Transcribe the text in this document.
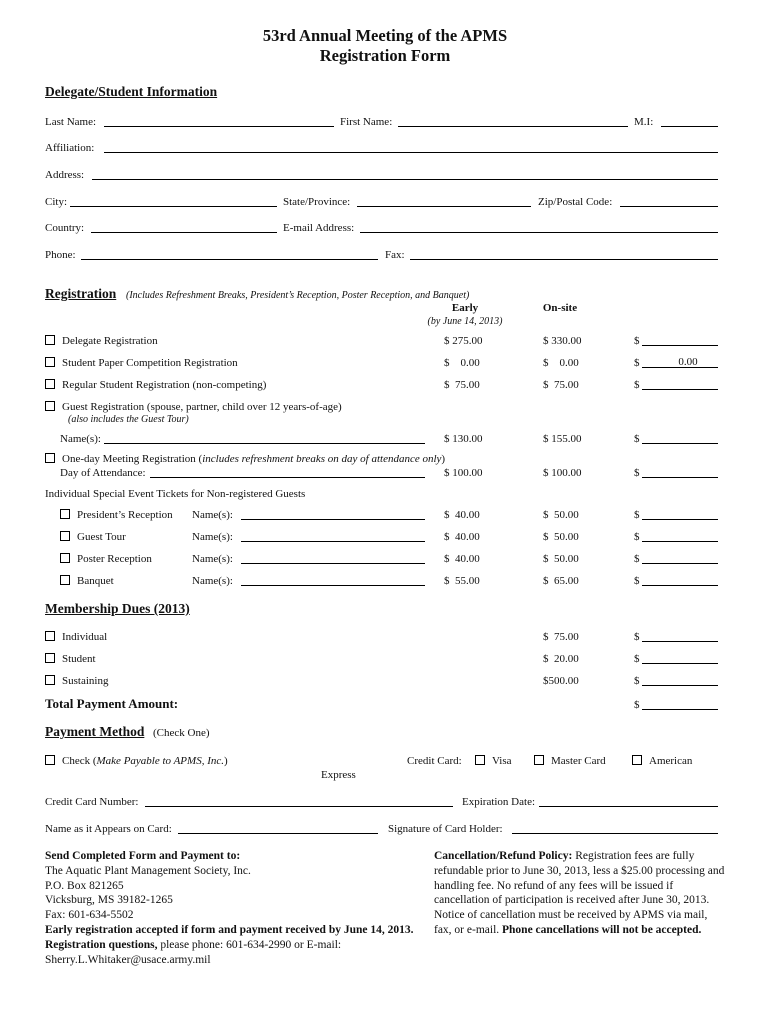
53rd Annual Meeting of the APMS
Registration Form
Delegate/Student Information
Last Name:	First Name:	M.I:
Affiliation:
Address:
City:	State/Province:	Zip/Postal Code:
Country:	E-mail Address:
Phone:	Fax:
Registration (Includes Refreshment Breaks, President’s Reception, Poster Reception, and Banquet)
Early
(by June 14, 2013)
On-site
Delegate Registration	$ 275.00	$ 330.00	$
Student Paper Competition Registration	$    0.00	$    0.00	$	0.00
Regular Student Registration (non-competing)	$  75.00	$  75.00	$
Guest Registration (spouse, partner, child over 12 years-of-age)
(also includes the Guest Tour)
Name(s):	$ 130.00	$ 155.00	$
One-day Meeting Registration (includes refreshment breaks on day of attendance only)
Day of Attendance:	$ 100.00	$ 100.00	$
Individual Special Event Tickets for Non-registered Guests
President’s Reception Name(s):	$  40.00	$  50.00	$
Guest Tour	Name(s):	$  40.00	$  50.00	$
Poster Reception	Name(s):	$  40.00	$  50.00	$
Banquet	Name(s):	$  55.00	$  65.00	$
Membership Dues (2013)
Individual	$  75.00	$
Student	$  20.00	$
Sustaining	$500.00	$
Total Payment Amount:	$
Payment Method (Check One)
Check (Make Payable to APMS, Inc.)	Credit Card:	Visa	Master Card	American
Express
Credit Card Number:	Expiration Date:
Name as it Appears on Card:	Signature of Card Holder:

Send Completed Form and Payment to:

The Aquatic Plant Management Society, Inc.

P.O. Box 821265

Vicksburg, MS 39182-1265

Fax: 601-634-5502

Early registration accepted if form and payment received by June 14, 2013. Registration questions, please phone: 601-634-2990 or E-mail: Sherry.L.Whitaker@usace.army.mil

Cancellation/Refund Policy: Registration fees are fully refundable prior to June 30, 2013, less a $25.00 processing and handling fee. No refund of any fees will be issued if cancellation of participation is received after June 30, 2013. Notice of cancellation must be received by APMS via mail, fax, or e-mail. Phone cancellations will not be accepted.
